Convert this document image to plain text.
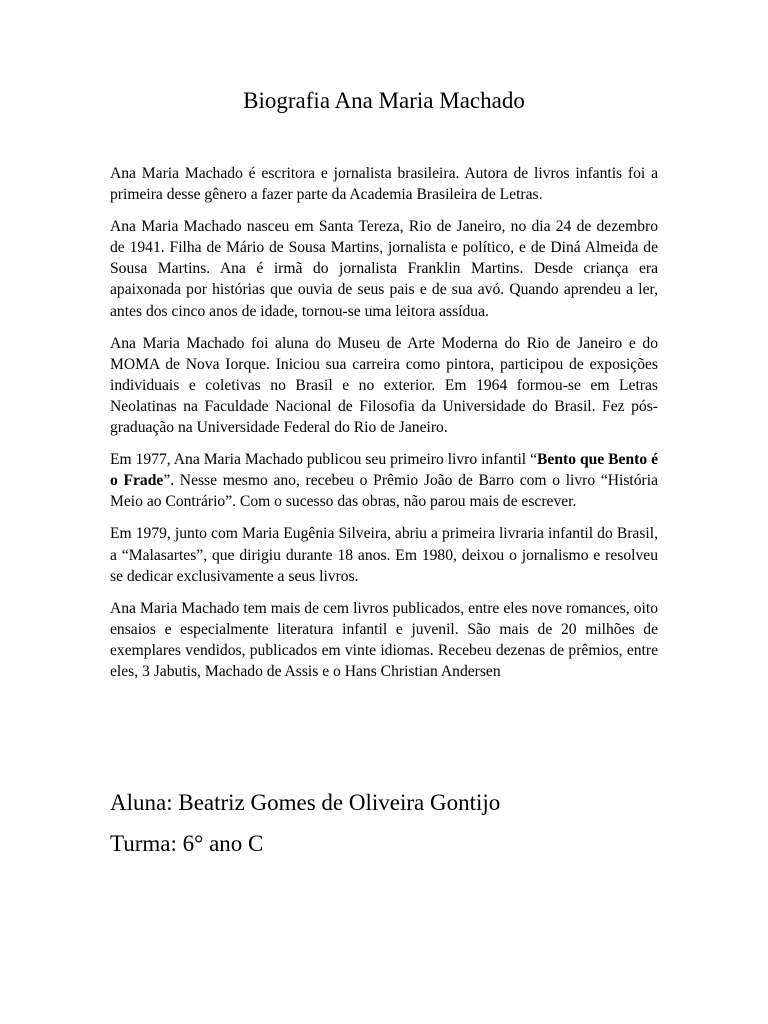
Biografia Ana Maria Machado

Ana Maria Machado é escritora e jornalista brasileira. Autora de livros infantis foi a primeira desse gênero a fazer parte da Academia Brasileira de Letras.

Ana Maria Machado nasceu em Santa Tereza, Rio de Janeiro, no dia 24 de dezembro de 1941. Filha de Mário de Sousa Martins, jornalista e político, e de Diná Almeida de Sousa Martins. Ana é irmã do jornalista Franklin Martins. Desde criança era apaixonada por histórias que ouvia de seus pais e de sua avó. Quando aprendeu a ler, antes dos cinco anos de idade, tornou-se uma leitora assídua.

Ana Maria Machado foi aluna do Museu de Arte Moderna do Rio de Janeiro e do MOMA de Nova Iorque. Iniciou sua carreira como pintora, participou de exposições individuais e coletivas no Brasil e no exterior. Em 1964 formou-se em Letras Neolatinas na Faculdade Nacional de Filosofia da Universidade do Brasil. Fez pós-graduação na Universidade Federal do Rio de Janeiro.

Em 1977, Ana Maria Machado publicou seu primeiro livro infantil “Bento que Bento é o Frade”. Nesse mesmo ano, recebeu o Prêmio João de Barro com o livro “História Meio ao Contrário”. Com o sucesso das obras, não parou mais de escrever.

Em 1979, junto com Maria Eugênia Silveira, abriu a primeira livraria infantil do Brasil, a “Malasartes”, que dirigiu durante 18 anos. Em 1980, deixou o jornalismo e resolveu se dedicar exclusivamente a seus livros.

Ana Maria Machado tem mais de cem livros publicados, entre eles nove romances, oito ensaios e especialmente literatura infantil e juvenil. São mais de 20 milhões de exemplares vendidos, publicados em vinte idiomas. Recebeu dezenas de prêmios, entre eles, 3 Jabutis, Machado de Assis e o Hans Christian Andersen

Aluna: Beatriz Gomes de Oliveira Gontijo

Turma: 6° ano C
